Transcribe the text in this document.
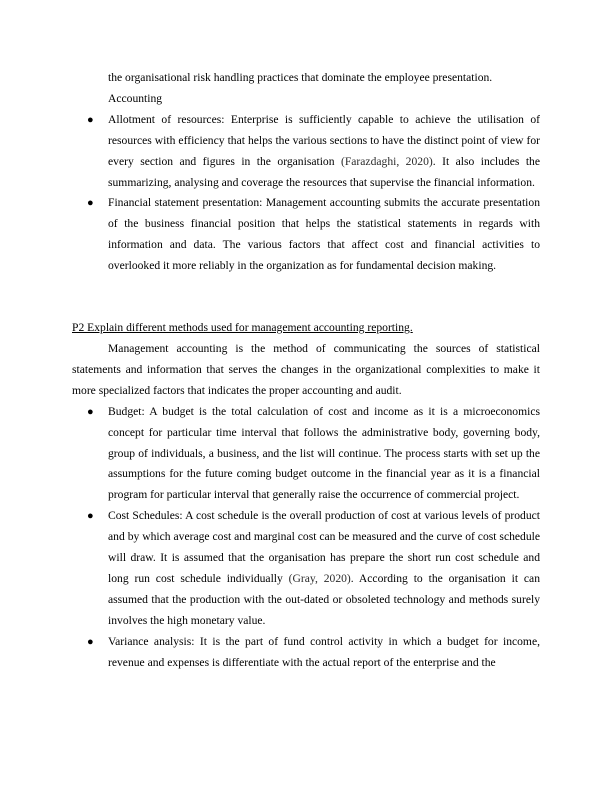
the organisational risk handling practices that dominate the employee presentation.
Accounting

● Allotment of resources: Enterprise is sufficiently capable to achieve the utilisation of resources with efficiency that helps the various sections to have the distinct point of view for every section and figures in the organisation (Farazdaghi, 2020). It also includes the summarizing, analysing and coverage the resources that supervise the financial information.
● Financial statement presentation: Management accounting submits the accurate presentation of the business financial position that helps the statistical statements in regards with information and data. The various factors that affect cost and financial activities to overlooked it more reliably in the organization as for fundamental decision making.

P2 Explain different methods used for management accounting reporting.

Management accounting is the method of communicating the sources of statistical statements and information that serves the changes in the organizational complexities to make it more specialized factors that indicates the proper accounting and audit.

● Budget: A budget is the total calculation of cost and income as it is a microeconomics concept for particular time interval that follows the administrative body, governing body, group of individuals, a business, and the list will continue. The process starts with set up the assumptions for the future coming budget outcome in the financial year as it is a financial program for particular interval that generally raise the occurrence of commercial project.
● Cost Schedules: A cost schedule is the overall production of cost at various levels of product and by which average cost and marginal cost can be measured and the curve of cost schedule will draw. It is assumed that the organisation has prepare the short run cost schedule and long run cost schedule individually (Gray, 2020). According to the organisation it can assumed that the production with the out-dated or obsoleted technology and methods surely involves the high monetary value.
● Variance analysis: It is the part of fund control activity in which a budget for income, revenue and expenses is differentiate with the actual report of the enterprise and the
